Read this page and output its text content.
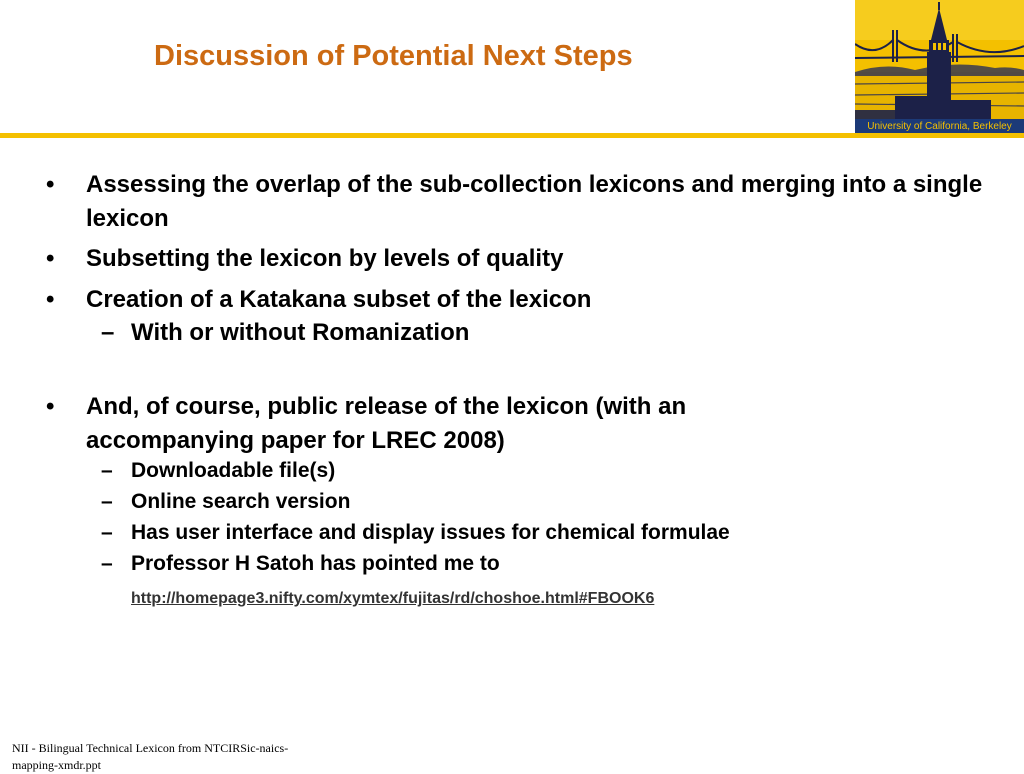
Discussion of Potential Next Steps
University of California, Berkeley
• Assessing the overlap of the sub-collection lexicons and merging into a single lexicon
• Subsetting the lexicon by levels of quality
• Creation of a Katakana subset of the lexicon
– With or without Romanization
• And, of course, public release of the lexicon (with an accompanying paper for LREC 2008)
– Downloadable file(s)
– Online search version
– Has user interface and display issues for chemical formulae
– Professor H Satoh has pointed me to
http://homepage3.nifty.com/xymtex/fujitas/rd/choshoe.html#FBOOK6
NII - Bilingual Technical Lexicon from NTCIRSic-naics-mapping-xmdr.ppt
